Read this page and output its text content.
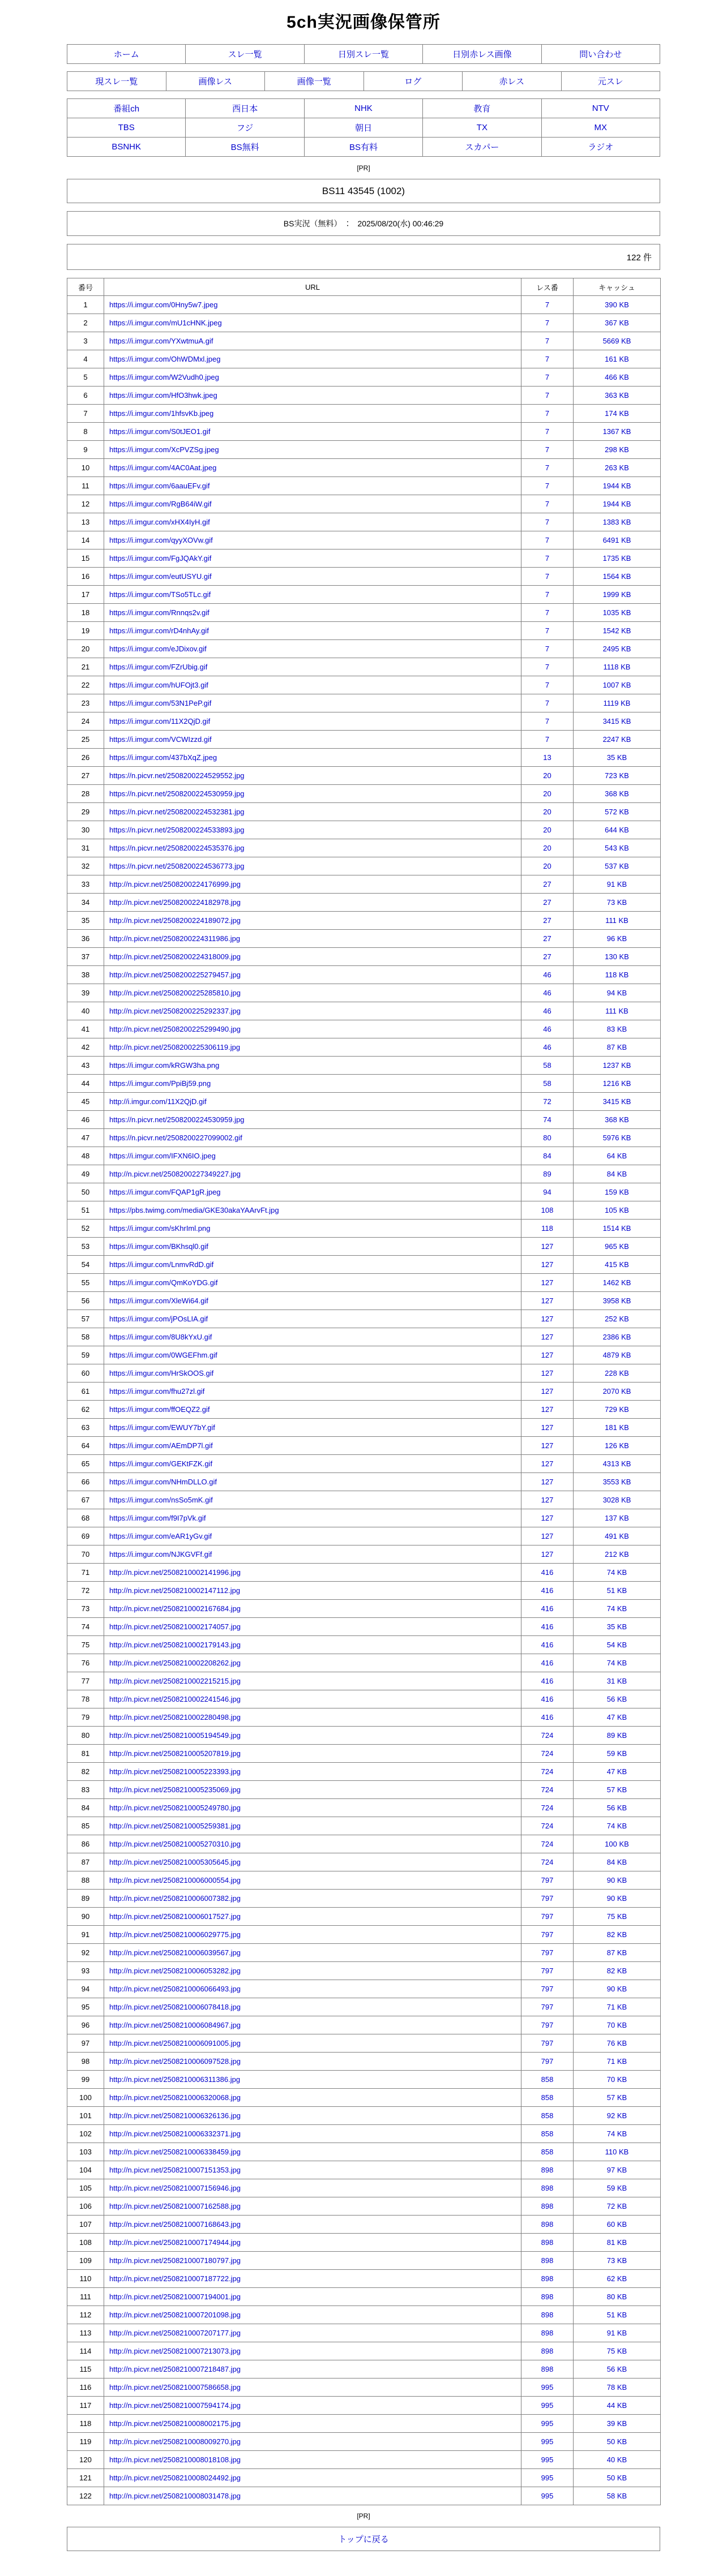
5ch実況画像保管所
ホーム	スレ一覧	日別スレ一覧	日別赤レス画像	問い合わせ
現スレ一覧	画像レス	画像一覧	ログ	赤レス	元スレ
番組ch	西日本	NHK	教育	NTV
TBS	フジ	朝日	TX	MX
BSNHK	BS無料	BS有料	スカパー	ラジオ
[PR]
BS11 43545 (1002)
BS実況（無料）　：　2025/08/20(水) 00:46:29
122 件
番号	URL	レス番	キャッシュ
1	https://i.imgur.com/0Hny5w7.jpeg	7	390 KB
2	https://i.imgur.com/mU1cHNK.jpeg	7	367 KB
3	https://i.imgur.com/YXwtmuA.gif	7	5669 KB
4	https://i.imgur.com/OhWDMxl.jpeg	7	161 KB
5	https://i.imgur.com/W2Vudh0.jpeg	7	466 KB
6	https://i.imgur.com/HfO3hwk.jpeg	7	363 KB
7	https://i.imgur.com/1hfsvKb.jpeg	7	174 KB
8	https://i.imgur.com/S0tJEO1.gif	7	1367 KB
9	https://i.imgur.com/XcPVZSg.jpeg	7	298 KB
10	https://i.imgur.com/4AC0Aat.jpeg	7	263 KB
11	https://i.imgur.com/6aauEFv.gif	7	1944 KB
12	https://i.imgur.com/RgB64iW.gif	7	1944 KB
13	https://i.imgur.com/xHX4IyH.gif	7	1383 KB
14	https://i.imgur.com/qyyXOVw.gif	7	6491 KB
15	https://i.imgur.com/FgJQAkY.gif	7	1735 KB
16	https://i.imgur.com/eutUSYU.gif	7	1564 KB
17	https://i.imgur.com/TSo5TLc.gif	7	1999 KB
18	https://i.imgur.com/Rnnqs2v.gif	7	1035 KB
19	https://i.imgur.com/rD4nhAy.gif	7	1542 KB
20	https://i.imgur.com/eJDixov.gif	7	2495 KB
21	https://i.imgur.com/FZrUbig.gif	7	1118 KB
22	https://i.imgur.com/hUFOjt3.gif	7	1007 KB
23	https://i.imgur.com/53N1PeP.gif	7	1119 KB
24	https://i.imgur.com/11X2QjD.gif	7	3415 KB
25	https://i.imgur.com/VCWIzzd.gif	7	2247 KB
26	https://i.imgur.com/437bXqZ.jpeg	13	35 KB
27	https://n.picvr.net/2508200224529552.jpg	20	723 KB
28	https://n.picvr.net/2508200224530959.jpg	20	368 KB
29	https://n.picvr.net/2508200224532381.jpg	20	572 KB
30	https://n.picvr.net/2508200224533893.jpg	20	644 KB
31	https://n.picvr.net/2508200224535376.jpg	20	543 KB
32	https://n.picvr.net/2508200224536773.jpg	20	537 KB
33	http://n.picvr.net/2508200224176999.jpg	27	91 KB
34	http://n.picvr.net/2508200224182978.jpg	27	73 KB
35	http://n.picvr.net/2508200224189072.jpg	27	111 KB
36	http://n.picvr.net/2508200224311986.jpg	27	96 KB
37	http://n.picvr.net/2508200224318009.jpg	27	130 KB
38	http://n.picvr.net/2508200225279457.jpg	46	118 KB
39	http://n.picvr.net/2508200225285810.jpg	46	94 KB
40	http://n.picvr.net/2508200225292337.jpg	46	111 KB
41	http://n.picvr.net/2508200225299490.jpg	46	83 KB
42	http://n.picvr.net/2508200225306119.jpg	46	87 KB
43	https://i.imgur.com/kRGW3ha.png	58	1237 KB
44	https://i.imgur.com/PpiBj59.png	58	1216 KB
45	http://i.imgur.com/11X2QjD.gif	72	3415 KB
46	https://n.picvr.net/2508200224530959.jpg	74	368 KB
47	https://n.picvr.net/2508200227099002.gif	80	5976 KB
48	https://i.imgur.com/IFXN6IO.jpeg	84	64 KB
49	http://n.picvr.net/2508200227349227.jpg	89	84 KB
50	https://i.imgur.com/FQAP1gR.jpeg	94	159 KB
51	https://pbs.twimg.com/media/GKE30akaYAArvFt.jpg	108	105 KB
52	https://i.imgur.com/sKhrIml.png	118	1514 KB
53	https://i.imgur.com/BKhsql0.gif	127	965 KB
54	https://i.imgur.com/LnmvRdD.gif	127	415 KB
55	https://i.imgur.com/QmKoYDG.gif	127	1462 KB
56	https://i.imgur.com/XleWi64.gif	127	3958 KB
57	https://i.imgur.com/jPOsLIA.gif	127	252 KB
58	https://i.imgur.com/8U8kYxU.gif	127	2386 KB
59	https://i.imgur.com/0WGEFhm.gif	127	4879 KB
60	https://i.imgur.com/HrSkOOS.gif	127	228 KB
61	https://i.imgur.com/fhu27zl.gif	127	2070 KB
62	https://i.imgur.com/ffOEQZ2.gif	127	729 KB
63	https://i.imgur.com/EWUY7bY.gif	127	181 KB
64	https://i.imgur.com/AEmDP7l.gif	127	126 KB
65	https://i.imgur.com/GEKtFZK.gif	127	4313 KB
66	https://i.imgur.com/NHmDLLO.gif	127	3553 KB
67	https://i.imgur.com/nsSo5mK.gif	127	3028 KB
68	https://i.imgur.com/f9I7pVk.gif	127	137 KB
69	https://i.imgur.com/eAR1yGv.gif	127	491 KB
70	https://i.imgur.com/NJKGVFf.gif	127	212 KB
71	http://n.picvr.net/2508210002141996.jpg	416	74 KB
72	http://n.picvr.net/2508210002147112.jpg	416	51 KB
73	http://n.picvr.net/2508210002167684.jpg	416	74 KB
74	http://n.picvr.net/2508210002174057.jpg	416	35 KB
75	http://n.picvr.net/2508210002179143.jpg	416	54 KB
76	http://n.picvr.net/2508210002208262.jpg	416	74 KB
77	http://n.picvr.net/2508210002215215.jpg	416	31 KB
78	http://n.picvr.net/2508210002241546.jpg	416	56 KB
79	http://n.picvr.net/2508210002280498.jpg	416	47 KB
80	http://n.picvr.net/2508210005194549.jpg	724	89 KB
81	http://n.picvr.net/2508210005207819.jpg	724	59 KB
82	http://n.picvr.net/2508210005223393.jpg	724	47 KB
83	http://n.picvr.net/2508210005235069.jpg	724	57 KB
84	http://n.picvr.net/2508210005249780.jpg	724	56 KB
85	http://n.picvr.net/2508210005259381.jpg	724	74 KB
86	http://n.picvr.net/2508210005270310.jpg	724	100 KB
87	http://n.picvr.net/2508210005305645.jpg	724	84 KB
88	http://n.picvr.net/2508210006000554.jpg	797	90 KB
89	http://n.picvr.net/2508210006007382.jpg	797	90 KB
90	http://n.picvr.net/2508210006017527.jpg	797	75 KB
91	http://n.picvr.net/2508210006029775.jpg	797	82 KB
92	http://n.picvr.net/2508210006039567.jpg	797	87 KB
93	http://n.picvr.net/2508210006053282.jpg	797	82 KB
94	http://n.picvr.net/2508210006066493.jpg	797	90 KB
95	http://n.picvr.net/2508210006078418.jpg	797	71 KB
96	http://n.picvr.net/2508210006084967.jpg	797	70 KB
97	http://n.picvr.net/2508210006091005.jpg	797	76 KB
98	http://n.picvr.net/2508210006097528.jpg	797	71 KB
99	http://n.picvr.net/2508210006311386.jpg	858	70 KB
100	http://n.picvr.net/2508210006320068.jpg	858	57 KB
101	http://n.picvr.net/2508210006326136.jpg	858	92 KB
102	http://n.picvr.net/2508210006332371.jpg	858	74 KB
103	http://n.picvr.net/2508210006338459.jpg	858	110 KB
104	http://n.picvr.net/2508210007151353.jpg	898	97 KB
105	http://n.picvr.net/2508210007156946.jpg	898	59 KB
106	http://n.picvr.net/2508210007162588.jpg	898	72 KB
107	http://n.picvr.net/2508210007168643.jpg	898	60 KB
108	http://n.picvr.net/2508210007174944.jpg	898	81 KB
109	http://n.picvr.net/2508210007180797.jpg	898	73 KB
110	http://n.picvr.net/2508210007187722.jpg	898	62 KB
111	http://n.picvr.net/2508210007194001.jpg	898	80 KB
112	http://n.picvr.net/2508210007201098.jpg	898	51 KB
113	http://n.picvr.net/2508210007207177.jpg	898	91 KB
114	http://n.picvr.net/2508210007213073.jpg	898	75 KB
115	http://n.picvr.net/2508210007218487.jpg	898	56 KB
116	http://n.picvr.net/2508210007586658.jpg	995	78 KB
117	http://n.picvr.net/2508210007594174.jpg	995	44 KB
118	http://n.picvr.net/2508210008002175.jpg	995	39 KB
119	http://n.picvr.net/2508210008009270.jpg	995	50 KB
120	http://n.picvr.net/2508210008018108.jpg	995	40 KB
121	http://n.picvr.net/2508210008024492.jpg	995	50 KB
122	http://n.picvr.net/2508210008031478.jpg	995	58 KB
[PR]
トップに戻る
